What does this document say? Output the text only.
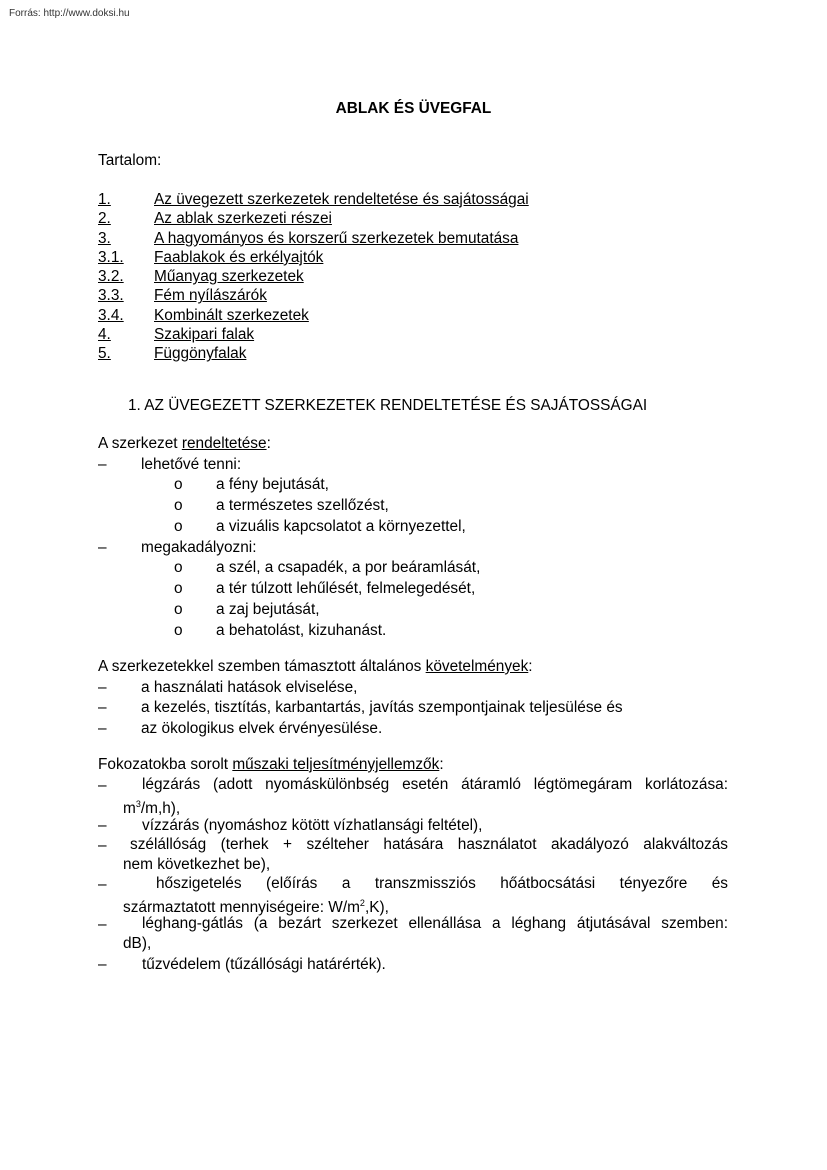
Forrás: http://www.doksi.hu
ABLAK ÉS ÜVEGFAL
Tartalom:
1.	Az üvegezett szerkezetek rendeltetése és sajátosságai
2.	Az ablak szerkezeti részei
3.	A hagyományos és korszerű szerkezetek bemutatása
3.1.	Faablakok és erkélyajtók
3.2.	Műanyag szerkezetek
3.3.	Fém nyílászárók
3.4.	Kombinált szerkezetek
4.	Szakipari falak
5.	Függönyfalak
1. AZ ÜVEGEZETT SZERKEZETEK RENDELTETÉSE ÉS SAJÁTOSSÁGAI
A szerkezet rendeltetése:
– lehetővé tenni:
o a fény bejutását,
o a természetes szellőzést,
o a vizuális kapcsolatot a környezettel,
– megakadályozni:
o a szél, a csapadék, a por beáramlását,
o a tér túlzott lehűlését, felmelegedését,
o a zaj bejutását,
o a behatolást, kizuhanást.
A szerkezetekkel szemben támasztott általános követelmények:
– a használati hatások elviselése,
– a kezelés, tisztítás, karbantartás, javítás szempontjainak teljesülése és
– az ökologikus elvek érvényesülése.
Fokozatokba sorolt műszaki teljesítményjellemzők:
– légzárás (adott nyomáskülönbség esetén átáramló légtömegáram korlátozása:
$m^3/m,h$),
– vízzárás (nyomáshoz kötött vízhatlansági feltétel),
– szélállóság (terhek + szélteher hatására használatot akadályozó alakváltozás
nem következhet be),
–	hőszigetelés (előírás a transzmissziós hőátbocsátási tényezőre és
származtatott mennyiségeire: $W/m^2,K$),
– léghang-gátlás (a bezárt szerkezet ellenállása a léghang átjutásával szemben:
dB),
– tűzvédelem (tűzállósági határérték).
